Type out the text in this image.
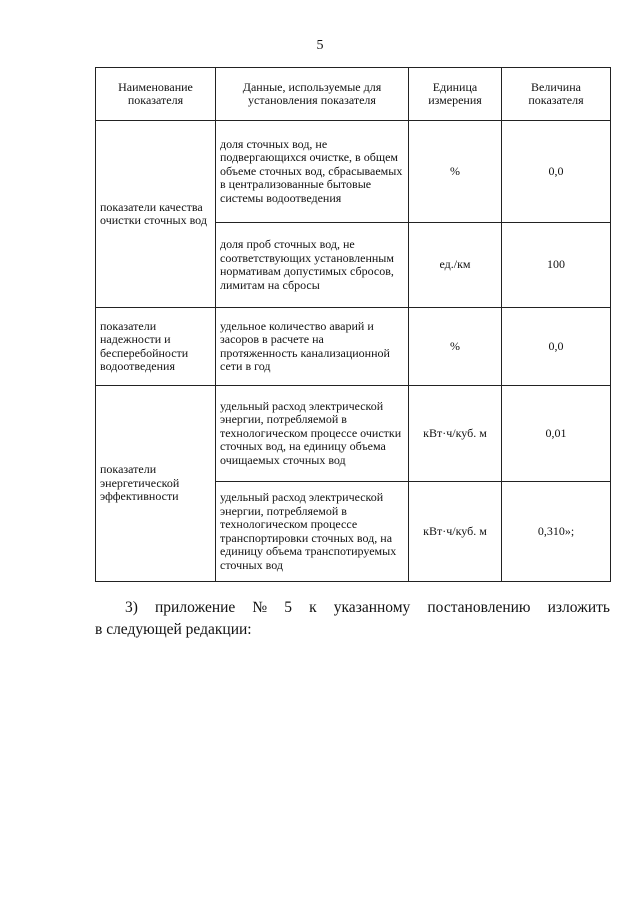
5
Наименование показателя	Данные, используемые для установления показателя	Единица измерения	Величина показателя
показатели качества очистки сточных вод	доля сточных вод, не подвергающихся очистке, в общем объеме сточных вод, сбрасываемых в централизованные бытовые системы водоотведения	%	0,0
	доля проб сточных вод, не соответствующих установленным нормативам допустимых сбросов, лимитам на сбросы	ед./км	100
показатели надежности и бесперебойности водоотведения	удельное количество аварий и засоров в расчете на протяженность канализационной сети в год	%	0,0
показатели энергетической эффективности	удельный расход электрической энергии, потребляемой в технологическом процессе очистки сточных вод, на единицу объема очищаемых сточных вод	кВт·ч/куб. м	0,01
	удельный расход электрической энергии, потребляемой в технологическом процессе транспортировки сточных вод, на единицу объема транспотируемых сточных вод	кВт·ч/куб. м	0,310»;
3) приложение № 5 к указанному постановлению изложить
в следующей редакции:
